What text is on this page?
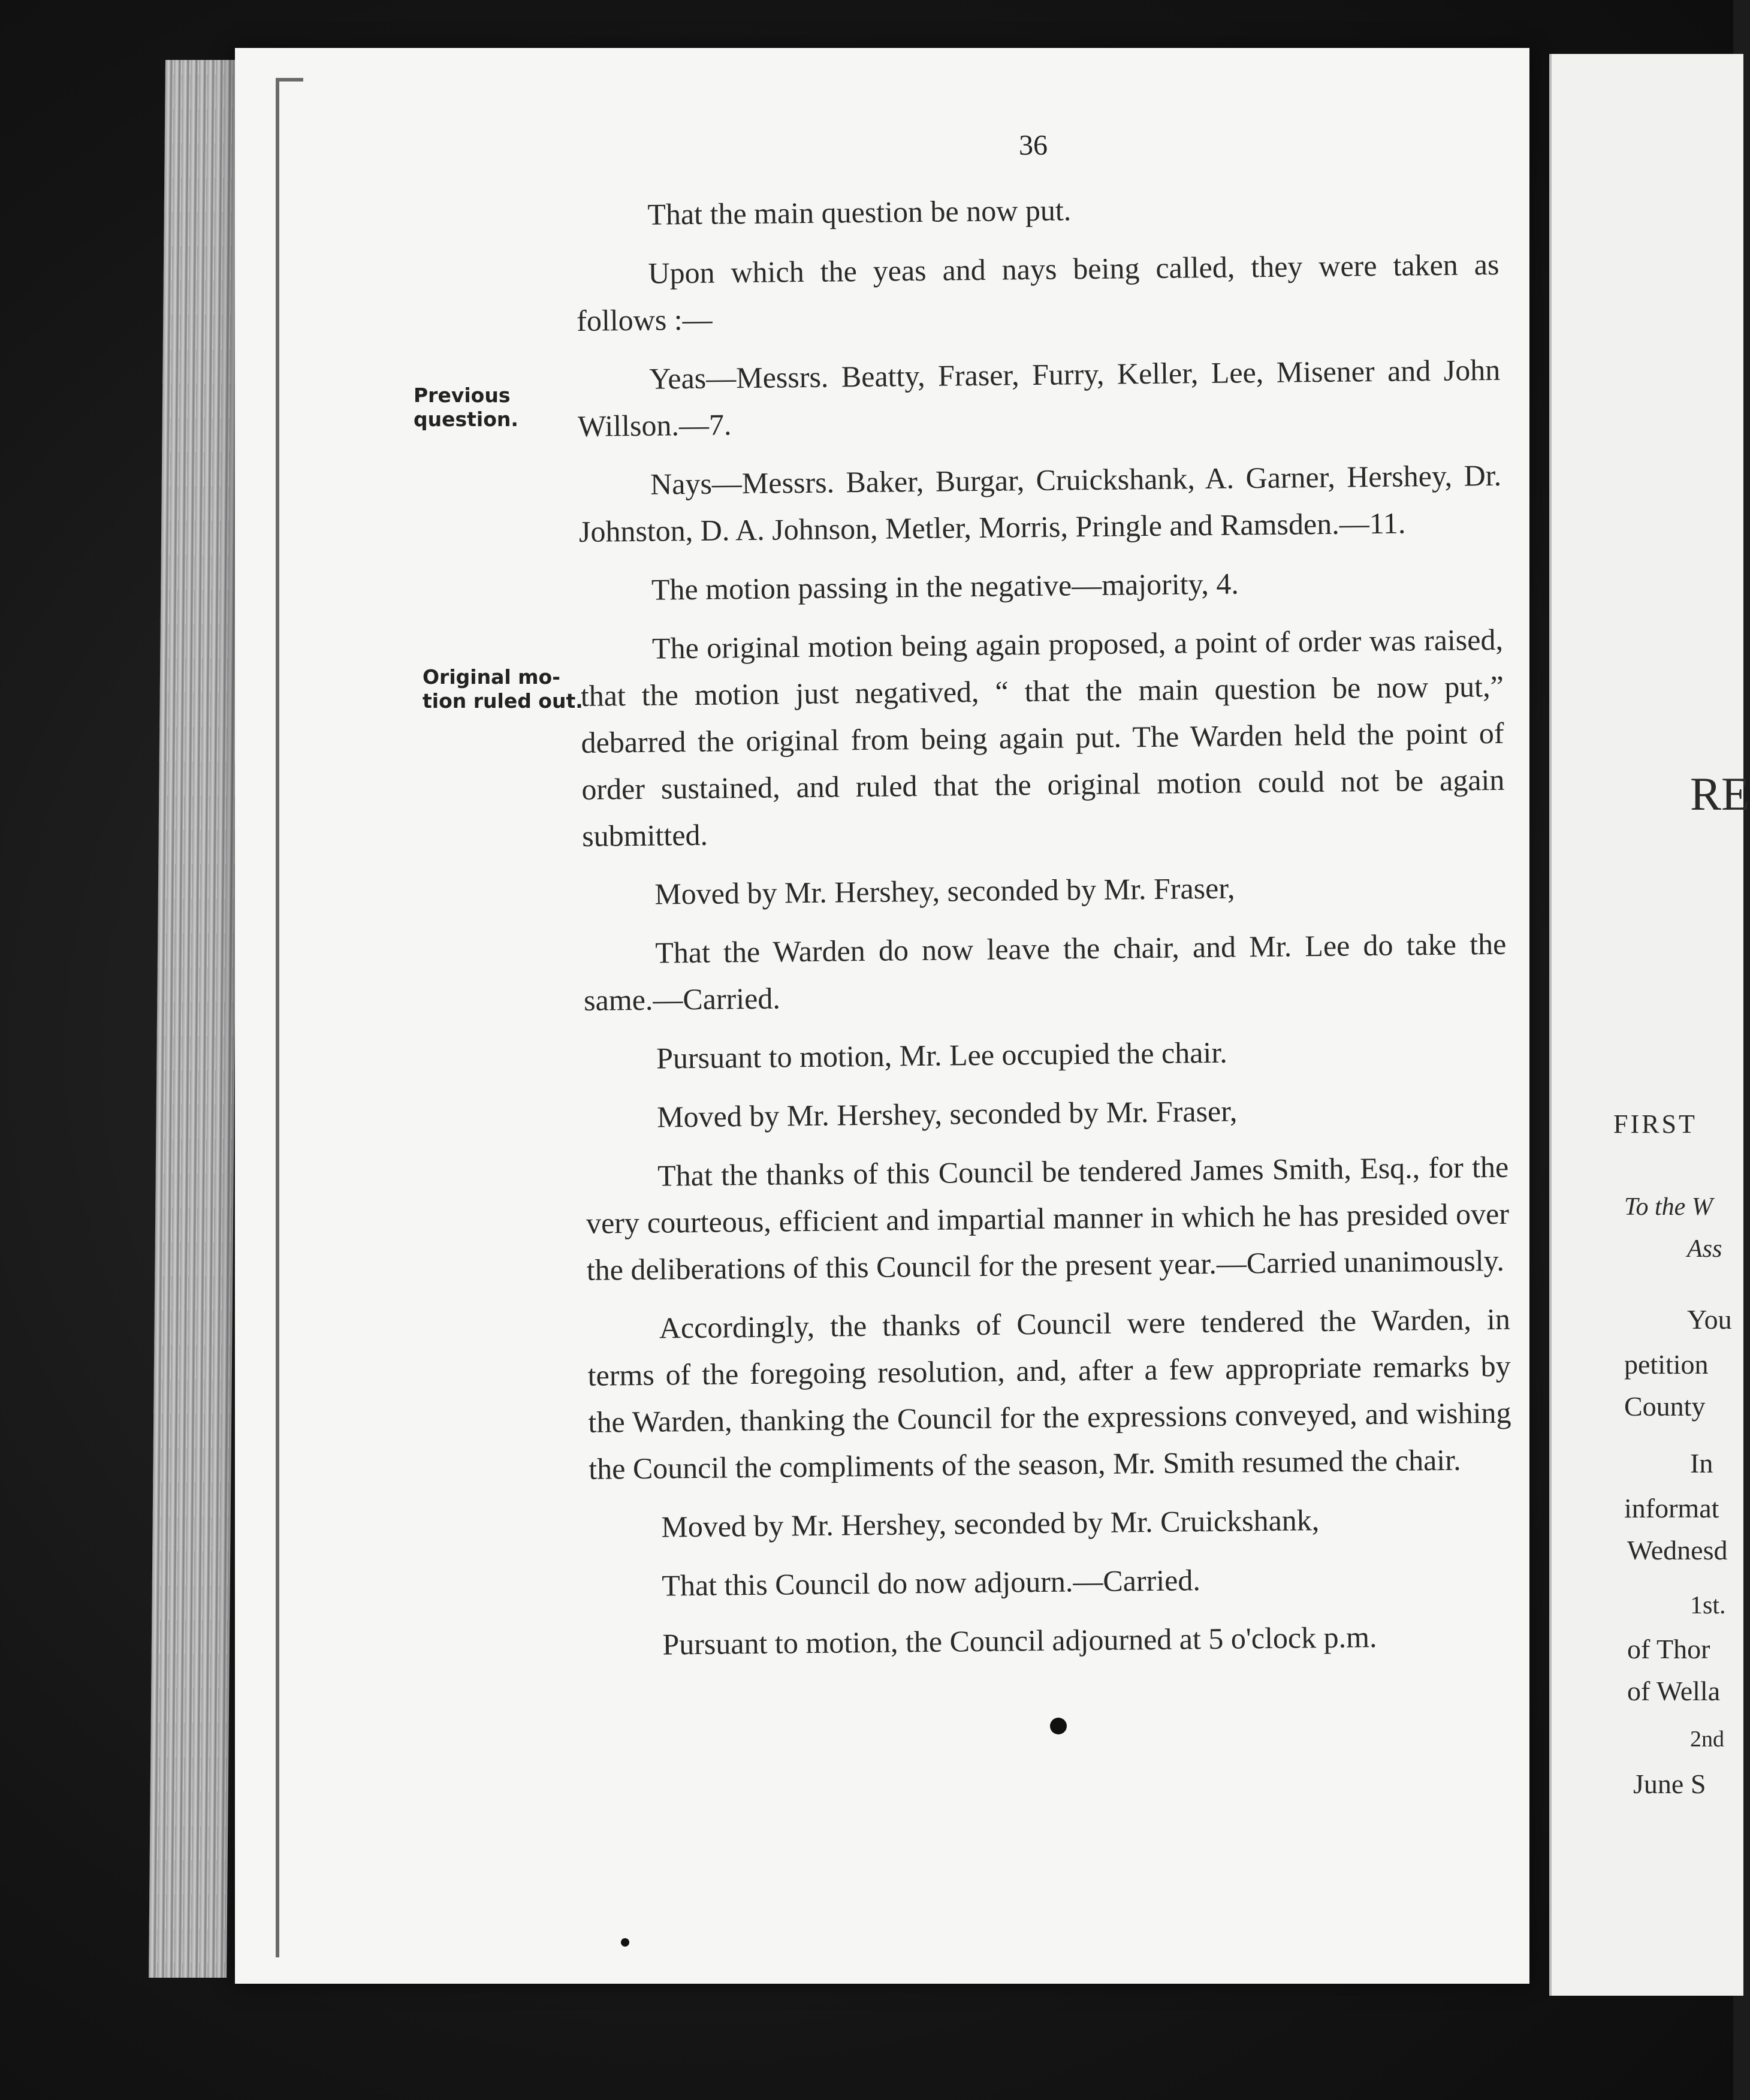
36
Previous
question.
Original mo-
tion ruled out.

That the main question be now put.

Upon which the yeas and nays being called, they were taken as follows :—

Yeas—Messrs. Beatty, Fraser, Furry, Keller, Lee, Misener and John Willson.—7.

Nays—Messrs. Baker, Burgar, Cruickshank, A. Garner, Hershey, Dr. Johnston, D. A. Johnson, Metler, Morris, Pringle and Ramsden.—11.

The motion passing in the negative—majority, 4.

The original motion being again proposed, a point of order was raised, that the motion just negatived, “ that the main question be now put,” debarred the original from being again put. The Warden held the point of order sustained, and ruled that the original motion could not be again submitted.

Moved by Mr. Hershey, seconded by Mr. Fraser,

That the Warden do now leave the chair, and Mr. Lee do take the same.—Carried.

Pursuant to motion, Mr. Lee occupied the chair.

Moved by Mr. Hershey, seconded by Mr. Fraser,

That the thanks of this Council be tendered James Smith, Esq., for the very courteous, efficient and impartial manner in which he has presided over the deliberations of this Council for the present year.—Carried unanimously.

Accordingly, the thanks of Council were tendered the Warden, in terms of the foregoing resolution, and, after a few appropriate remarks by the Warden, thanking the Council for the expressions conveyed, and wishing the Council the compliments of the season, Mr. Smith resumed the chair.

Moved by Mr. Hershey, seconded by Mr. Cruickshank,

That this Council do now adjourn.—Carried.

Pursuant to motion, the Council adjourned at 5 o'clock p.m.

RE
FIRST
To the W
Ass
You
petition
County
In
informat
Wednesd
1st.
of Thor
of Wella
2nd
June S
